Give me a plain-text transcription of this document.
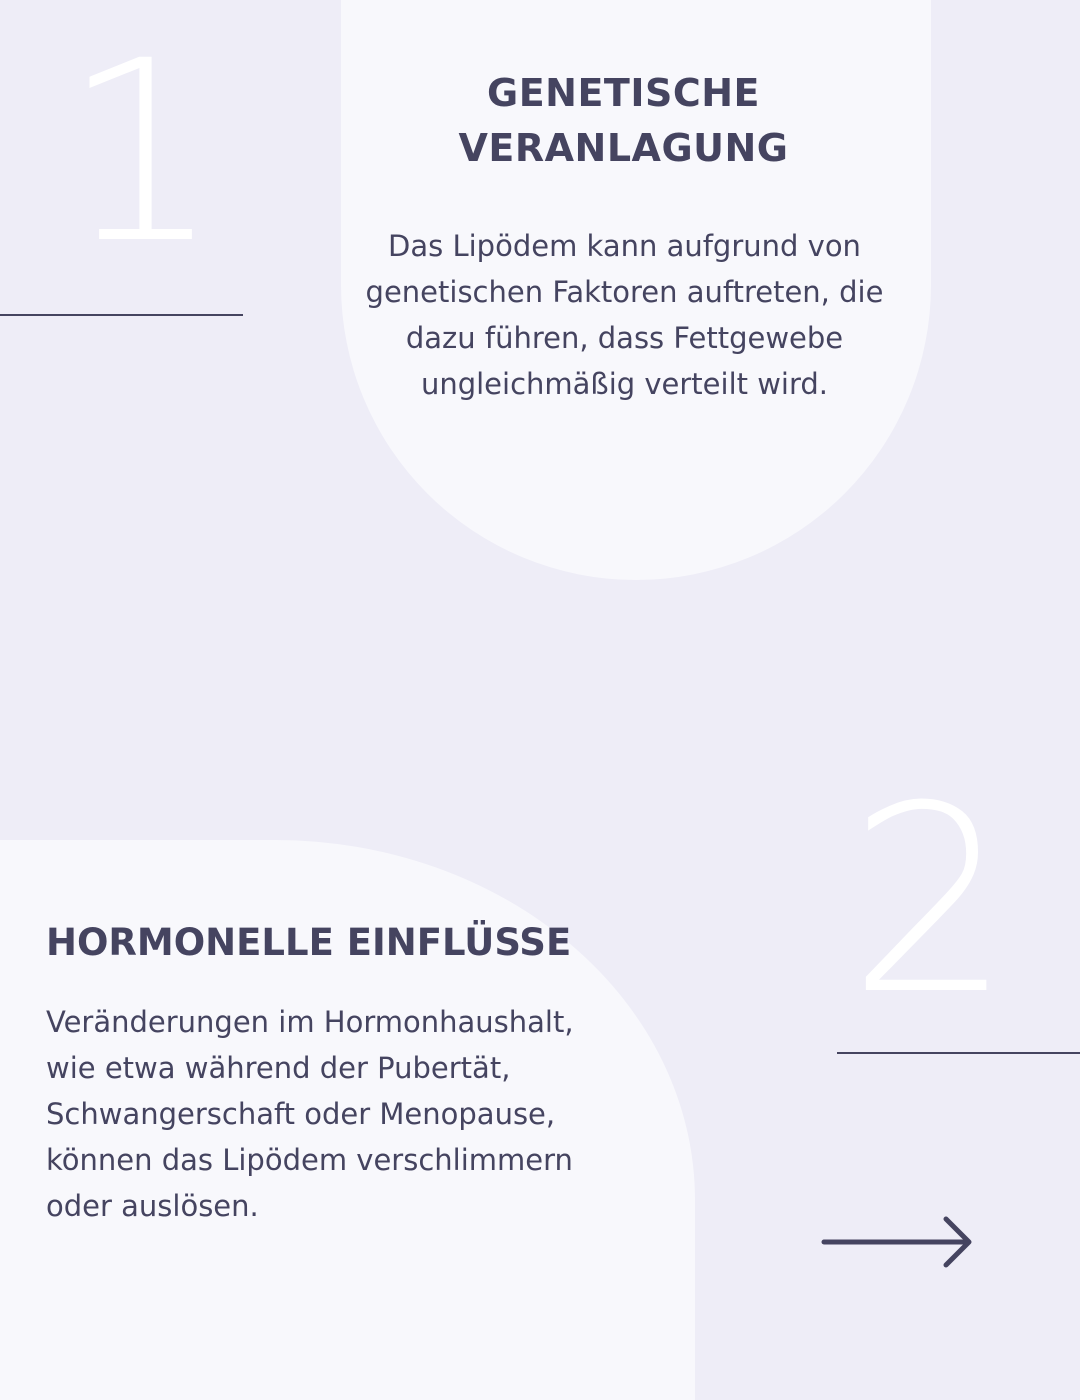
1	GENETISCHE VERANLAGUNG

Das Lipödem kann aufgrund von genetischen Faktoren auftreten, die dazu führen, dass Fettgewebe ungleichmäßig verteilt wird.

2
HORMONELLE EINFLÜSSE

Veränderungen im Hormonhaushalt, wie etwa während der Pubertät, Schwangerschaft oder Menopause, können das Lipödem verschlimmern oder auslösen.
